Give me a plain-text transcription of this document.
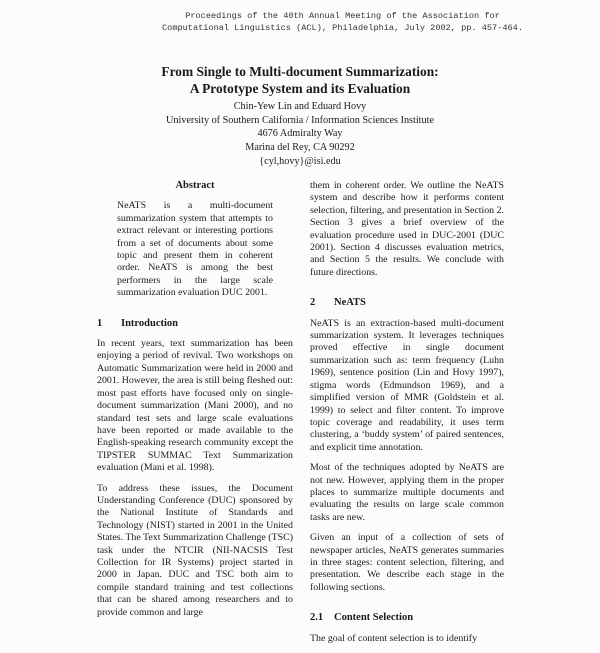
Proceedings of the 40th Annual Meeting of the Association for
Computational Linguistics (ACL), Philadelphia, July 2002, pp. 457-464.
From Single to Multi-document Summarization:
A Prototype System and its Evaluation
Chin-Yew Lin and Eduard Hovy
University of Southern California / Information Sciences Institute
4676 Admiralty Way
Marina del Rey, CA 90292
{cyl,hovy}@isi.edu
Abstract
NeATS is a multi-document summarization system that attempts to extract relevant or interesting portions from a set of documents about some topic and present them in coherent order. NeATS is among the best performers in the large scale summarization evaluation DUC 2001.
1	Introduction
In recent years, text summarization has been enjoying a period of revival. Two workshops on Automatic Summarization were held in 2000 and 2001. However, the area is still being fleshed out: most past efforts have focused only on single-document summarization (Mani 2000), and no standard test sets and large scale evaluations have been reported or made available to the English-speaking research community except the TIPSTER SUMMAC Text Summarization evaluation (Mani et al. 1998).
To address these issues, the Document Understanding Conference (DUC) sponsored by the National Institute of Standards and Technology (NIST) started in 2001 in the United States. The Text Summarization Challenge (TSC) task under the NTCIR (NII-NACSIS Test Collection for IR Systems) project started in 2000 in Japan. DUC and TSC both aim to compile standard training and test collections that can be shared among researchers and to provide common and large
them in coherent order. We outline the NeATS system and describe how it performs content selection, filtering, and presentation in Section 2. Section 3 gives a brief overview of the evaluation procedure used in DUC-2001 (DUC 2001). Section 4 discusses evaluation metrics, and Section 5 the results. We conclude with future directions.
2	NeATS
NeATS is an extraction-based multi-document summarization system. It leverages techniques proved effective in single document summarization such as: term frequency (Luhn 1969), sentence position (Lin and Hovy 1997), stigma words (Edmundson 1969), and a simplified version of MMR (Goldstein et al. 1999) to select and filter content. To improve topic coverage and readability, it uses term clustering, a ‘buddy system’ of paired sentences, and explicit time annotation.
Most of the techniques adopted by NeATS are not new. However, applying them in the proper places to summarize multiple documents and evaluating the results on large scale common tasks are new.
Given an input of a collection of sets of newspaper articles, NeATS generates summaries in three stages: content selection, filtering, and presentation. We describe each stage in the following sections.
2.1	Content Selection
The goal of content selection is to identify
